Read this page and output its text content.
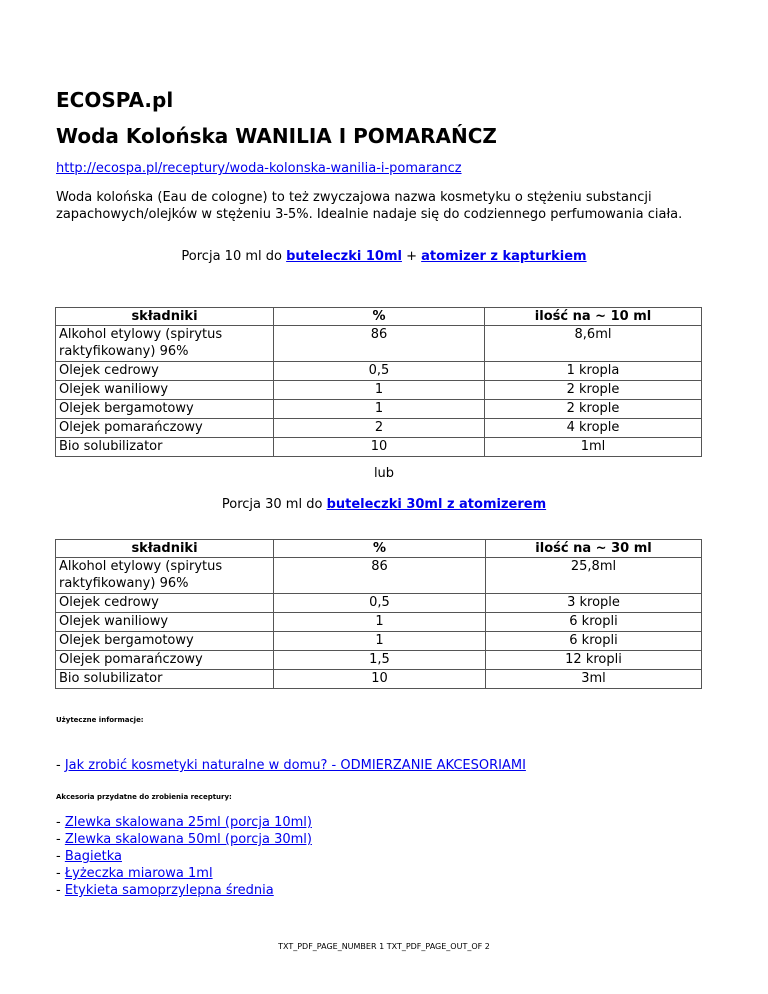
ECOSPA.pl
Woda Kolońska WANILIA I POMARAŃCZ
http://ecospa.pl/receptury/woda-kolonska-wanilia-i-pomarancz

Woda kolońska (Eau de cologne) to też zwyczajowa nazwa kosmetyku o stężeniu substancji zapachowych/olejków w stężeniu 3-5%. Idealnie nadaje się do codziennego perfumowania ciała.

Porcja 10 ml do buteleczki 10ml + atomizer z kapturkiem
składniki	%	ilość na ~ 10 ml
Alkohol etylowy (spirytus raktyfikowany) 96%	86	8,6ml
Olejek cedrowy	0,5	1 kropla
Olejek waniliowy	1	2 krople
Olejek bergamotowy	1	2 krople
Olejek pomarańczowy	2	4 krople
Bio solubilizator	10	1ml
lub
Porcja 30 ml do buteleczki 30ml z atomizerem
składniki	%	ilość na ~ 30 ml
Alkohol etylowy (spirytus raktyfikowany) 96%	86	25,8ml
Olejek cedrowy	0,5	3 krople
Olejek waniliowy	1	6 kropli
Olejek bergamotowy	1	6 kropli
Olejek pomarańczowy	1,5	12 kropli
Bio solubilizator	10	3ml
Użyteczne informacje:
- Jak zrobić kosmetyki naturalne w domu? - ODMIERZANIE AKCESORIAMI
Akcesoria przydatne do zrobienia receptury:
- Zlewka skalowana 25ml (porcja 10ml)
- Zlewka skalowana 50ml (porcja 30ml)
- Bagietka
- Łyżeczka miarowa 1ml
- Etykieta samoprzylepna średnia
TXT_PDF_PAGE_NUMBER 1 TXT_PDF_PAGE_OUT_OF 2
